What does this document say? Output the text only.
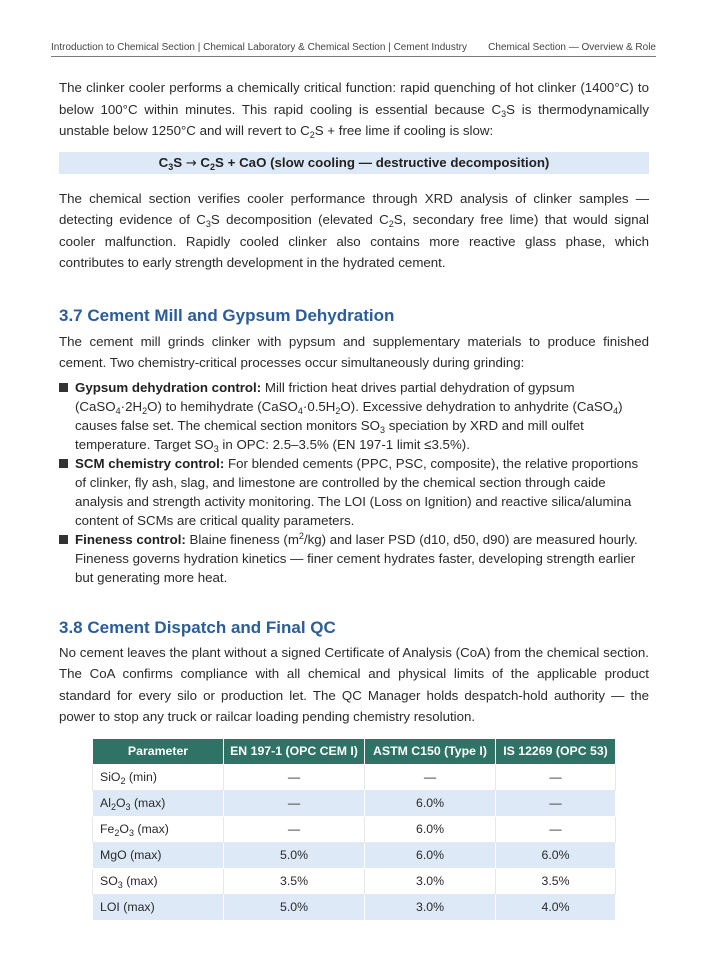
Introduction to Chemical Section | Chemical Laboratory & Chemical Section | Cement Industry Chemical Section — Overview & Role

The clinker cooler performs a chemically critical function: rapid quenching of hot clinker (1400°C) to below 100°C within minutes. This rapid cooling is essential because $C_3S$ is thermodynamically unstable below 1250°C and will revert to $C_2S$ + free lime if cooling is slow:

$C_3S \to C_2S$ + CaO (slow cooling — destructive decomposition)

The chemical section verifies cooler performance through XRD analysis of clinker samples — detecting evidence of $C_3S$ decomposition (elevated $C_2S$, secondary free lime) that would signal cooler malfunction. Rapidly cooled clinker also contains more reactive glass phase, which contributes to early strength development in the hydrated cement.

3.7 Cement Mill and Gypsum Dehydration

The cement mill grinds clinker with pypsum and supplementary materials to produce finished cement. Two chemistry-critical processes occur simultaneously during grinding:

Gypsum dehydration control: Mill friction heat drives partial dehydration of gypsum $(CaSO_4\cdot 2H_2O)$ to hemihydrate $(CaSO_4\cdot 0.5H_2O)$. Excessive dehydration to anhydrite (CaSO$_4$) causes false set. The chemical section monitors $SO_3$ speciation by XRD and mill oulfet temperature. Target $SO_3$ in OPC: 2.5–3.5% (EN 197-1 limit ≤3.5%).

SCM chemistry control: For blended cements (PPC, PSC, composite), the relative proportions of clinker, fly ash, slag, and limestone are controlled by the chemical section through caide analysis and strength activity monitoring. The LOI (Loss on Ignition) and reactive silica/alumina content of SCMs are critical quality parameters.

Fineness control: Blaine fineness $(m^2/kg)$ and laser PSD (d10, d50, d90) are measured hourly. Fineness governs hydration kinetics — finer cement hydrates faster, developing strength earlier but generating more heat.

3.8 Cement Dispatch and Final QC

No cement leaves the plant without a signed Certificate of Analysis (CoA) from the chemical section. The CoA confirms compliance with all chemical and physical limits of the applicable product standard for every silo or production let. The QC Manager holds despatch-hold authority — the power to stop any truck or railcar loading pending chemistry resolution.

Parameter	EN 197-1 (OPC CEM I)	ASTM C150 (Type I)	IS 12269 (OPC 53)
SiO$_2$ (min)	—	—	—
$Al_2O_3$ (max)	—	6.0%	—
$Fe_2O_3$ (max)	—	6.0%	—
MgO (max)	5.0%	6.0%	6.0%
$SO_3$ (max)	3.5%	3.0%	3.5%
LOI (max)	5.0%	3.0%	4.0%
